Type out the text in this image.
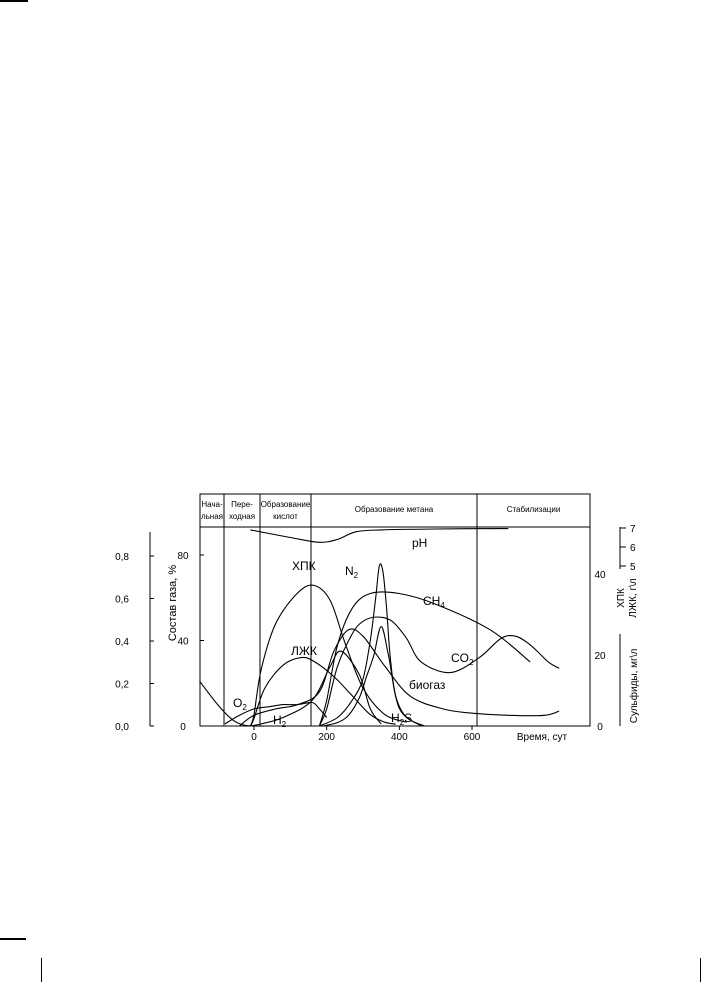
Нача-льная
Пере-ходная
Образование кислот
Образование метана	Стабилизации
0	200	400	600	Время, сут
0,0
0,2
0,4
0,6
0,8
0
40
80
Состав газа, %	5
6
7
40
ХПКЛЖК, г\л
0
20 Сульфиды, мг\л
pH
ХПК $N_2$
$CH_4$
$CO_2$
ЛЖК
биогаз
$O_2$
$H_2$	$H_2S$
